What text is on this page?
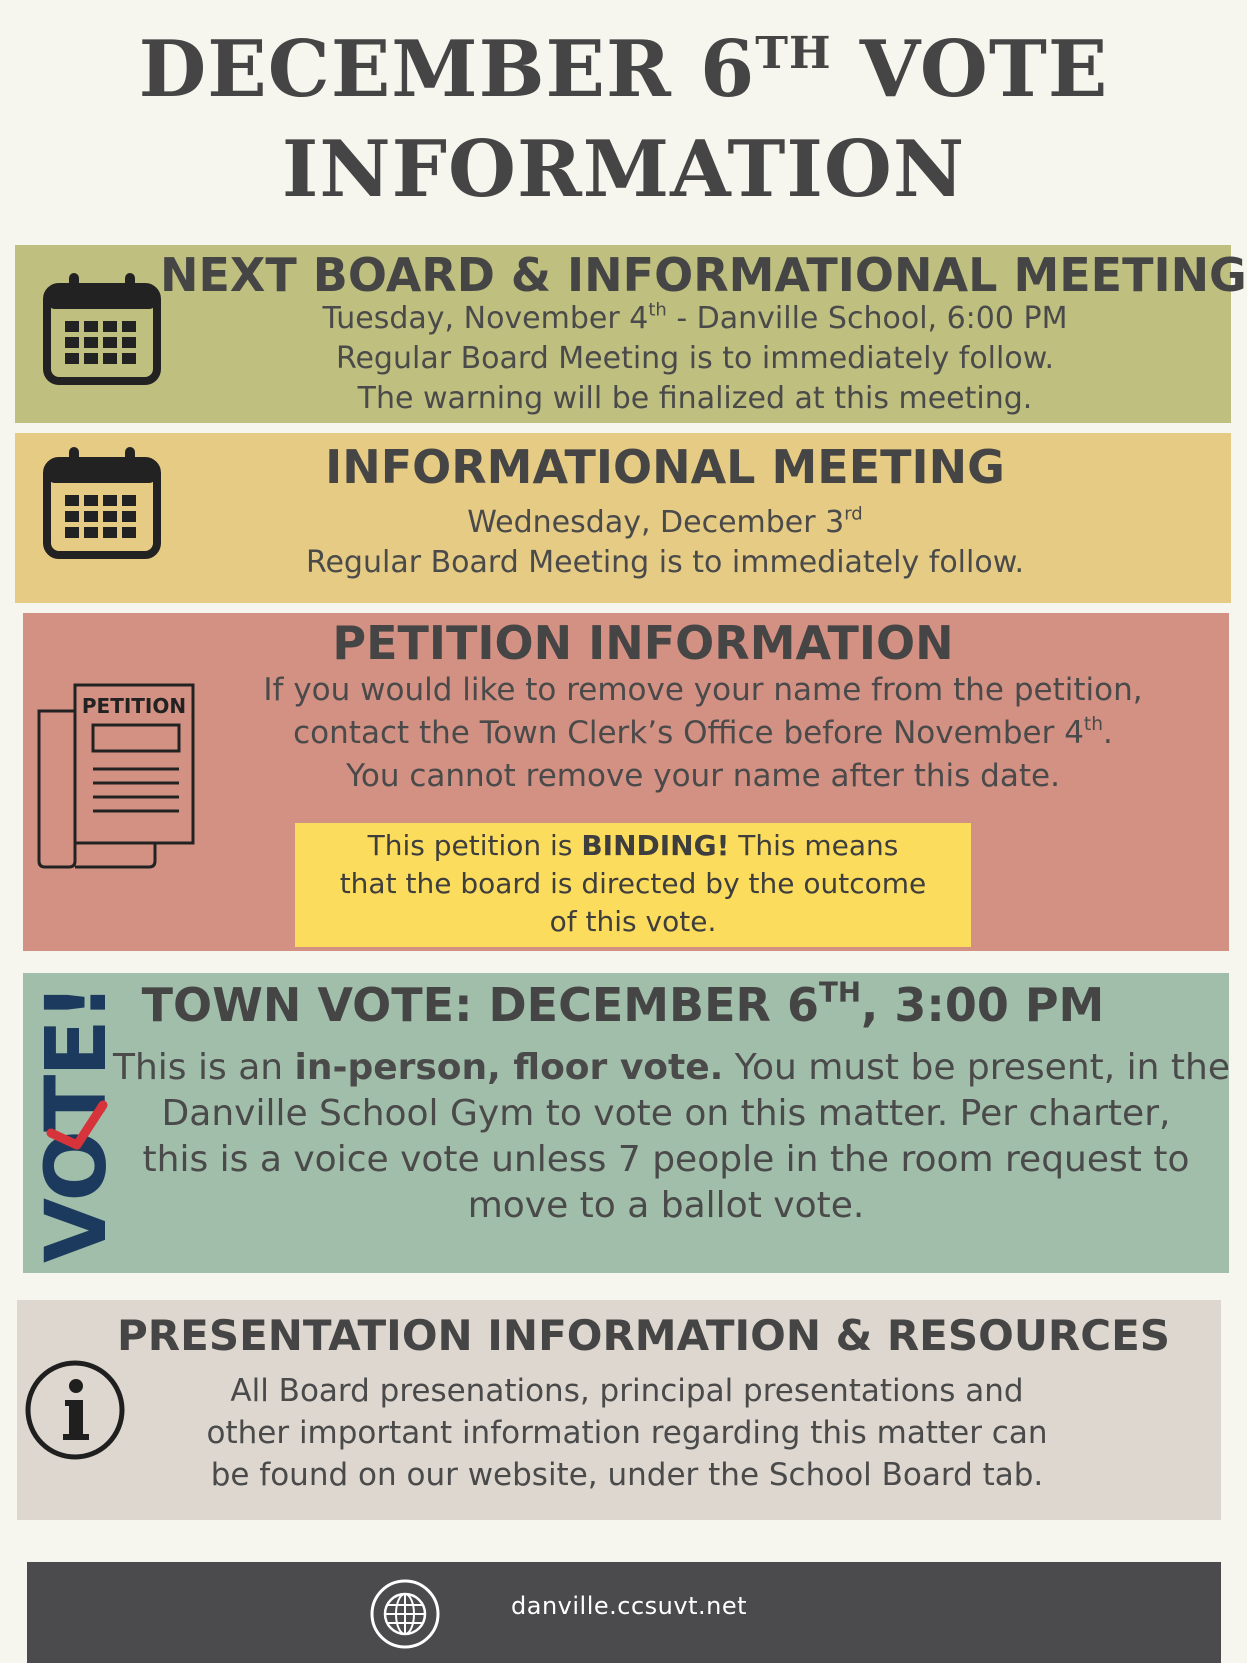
DECEMBER 6TH VOTE
INFORMATION
NEXT BOARD & INFORMATIONAL MEETING
Tuesday, November 4th - Danville School, 6:00 PM
Regular Board Meeting is to immediately follow.
The warning will be finalized at this meeting.
INFORMATIONAL MEETING
Wednesday, December 3rd
Regular Board Meeting is to immediately follow.
PETITION
PETITION INFORMATION
If you would like to remove your name from the petition,
contact the Town Clerk’s Office before November 4th.
You cannot remove your name after this date.
This petition is BINDING! This means
that the board is directed by the outcome
of this vote.
VOTE! TOWN VOTE: DECEMBER 6TH, 3:00 PM
This is an in-person, floor vote. You must be present, in the
Danville School Gym to vote on this matter. Per charter,
this is a voice vote unless 7 people in the room request to
move to a ballot vote.
PRESENTATION INFORMATION & RESOURCES
All Board presenations, principal presentations and
other important information regarding this matter can
be found on our website, under the School Board tab.
danville.ccsuvt.net
